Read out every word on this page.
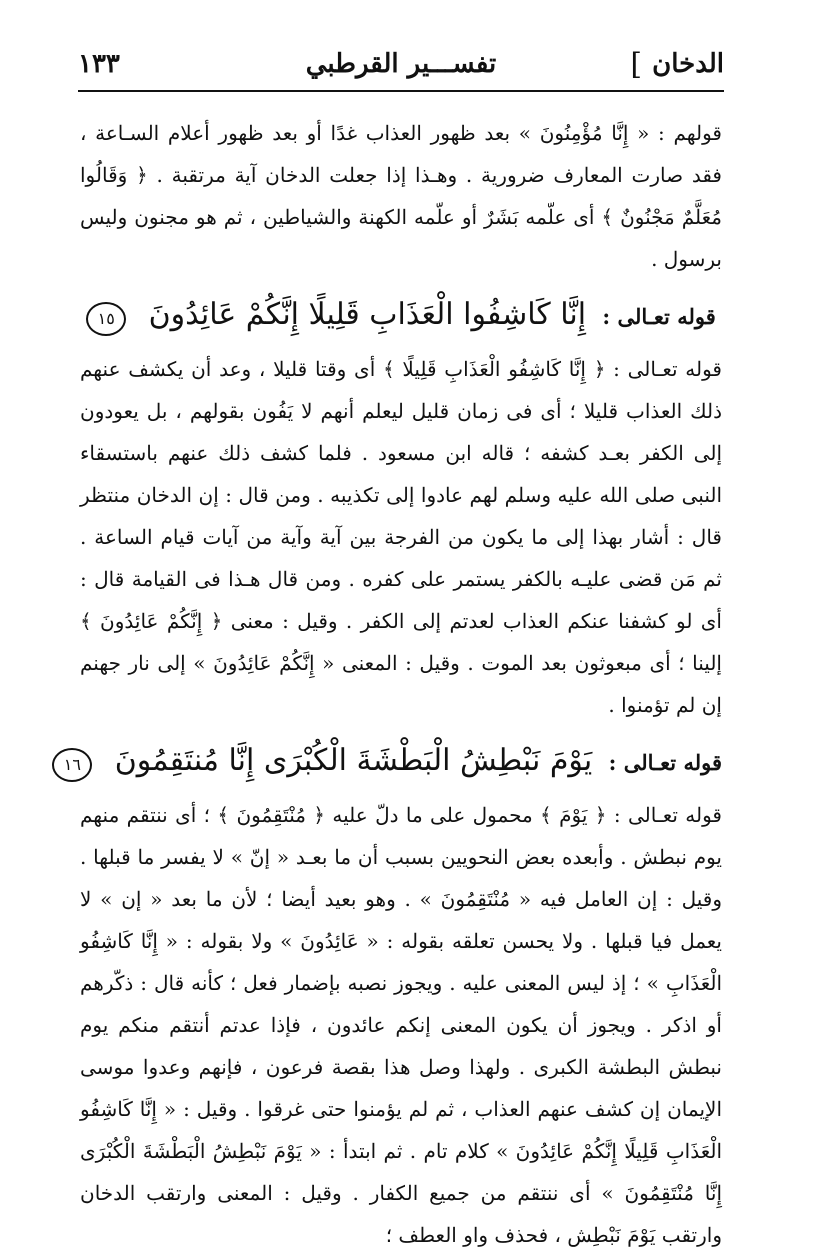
الدخان
]
تفســـير القرطبي
١٣٣

قولهم : « إِنَّا مُؤْمِنُونَ » بعد ظهور العذاب غدًا أو بعد ظهور أعلام السـاعة ، فقد صارت المعارف ضرورية . وهـذا إذا جعلت الدخان آية مرتقبة . ﴿ وَقَالُوا مُعَلَّمٌ مَجْنُونٌ ﴾ أى علّمه بَشَرٌ أو علّمه الكهنة والشياطين ، ثم هو مجنون وليس برسول .

قوله تعـالى : إِنَّا كَاشِفُوا الْعَذَابِ قَلِيلًا إِنَّكُمْ عَائِدُونَ ١٥

قوله تعـالى : ﴿ إِنَّا كَاشِفُو الْعَذَابِ قَلِيلًا ﴾ أى وقتا قليلا ، وعد أن يكشف عنهم ذلك العذاب قليلا ؛ أى فى زمان قليل ليعلم أنهم لا يَفُون بقولهم ، بل يعودون إلى الكفر بعـد كشفه ؛ قاله ابن مسعود . فلما كشف ذلك عنهم باستسقاء النبى صلى الله عليه وسلم لهم عادوا إلى تكذيبه . ومن قال : إن الدخان منتظر قال : أشار بهذا إلى ما يكون من الفرجة بين آية وآية من آيات قيام الساعة . ثم مَن قضى عليـه بالكفر يستمر على كفره . ومن قال هـذا فى القيامة قال : أى لو كشفنا عنكم العذاب لعدتم إلى الكفر . وقيل : معنى ﴿ إِنَّكُمْ عَائِدُونَ ﴾ إلينا ؛ أى مبعوثون بعد الموت . وقيل : المعنى « إِنَّكُمْ عَائِدُونَ » إلى نار جهنم إن لم تؤمنوا .

قوله تعـالى : يَوْمَ نَبْطِشُ الْبَطْشَةَ الْكُبْرَى إِنَّا مُنتَقِمُونَ ١٦

قوله تعـالى : ﴿ يَوْمَ ﴾ محمول على ما دلّ عليه ﴿ مُنْتَقِمُونَ ﴾ ؛ أى ننتقم منهم يوم نبطش . وأبعده بعض النحويين بسبب أن ما بعـد « إنّ » لا يفسر ما قبلها . وقيل : إن العامل فيه « مُنْتَقِمُونَ » . وهو بعيد أيضا ؛ لأن ما بعد « إن » لا يعمل فيا قبلها . ولا يحسن تعلقه بقوله : « عَائِدُونَ » ولا بقوله : « إِنَّا كَاشِفُو الْعَذَابِ » ؛ إذ ليس المعنى عليه . ويجوز نصبه بإضمار فعل ؛ كأنه قال : ذكّرهم أو اذكر . ويجوز أن يكون المعنى إنكم عائدون ، فإذا عدتم أنتقم منكم يوم نبطش البطشة الكبرى . ولهذا وصل هذا بقصة فرعون ، فإنهم وعدوا موسى الإيمان إن كشف عنهم العذاب ، ثم لم يؤمنوا حتى غرقوا . وقيل : « إِنَّا كَاشِفُو الْعَذَابِ قَلِيلًا إِنَّكُمْ عَائِدُونَ » كلام تام . ثم ابتدأ : « يَوْمَ نَبْطِشُ الْبَطْشَةَ الْكُبْرَى إِنَّا مُنْتَقِمُونَ » أى ننتقم من جميع الكفار . وقيل : المعنى وارتقب الدخان وارتقب يَوْمَ نَبْطِش ، فحذف واو العطف ؛
